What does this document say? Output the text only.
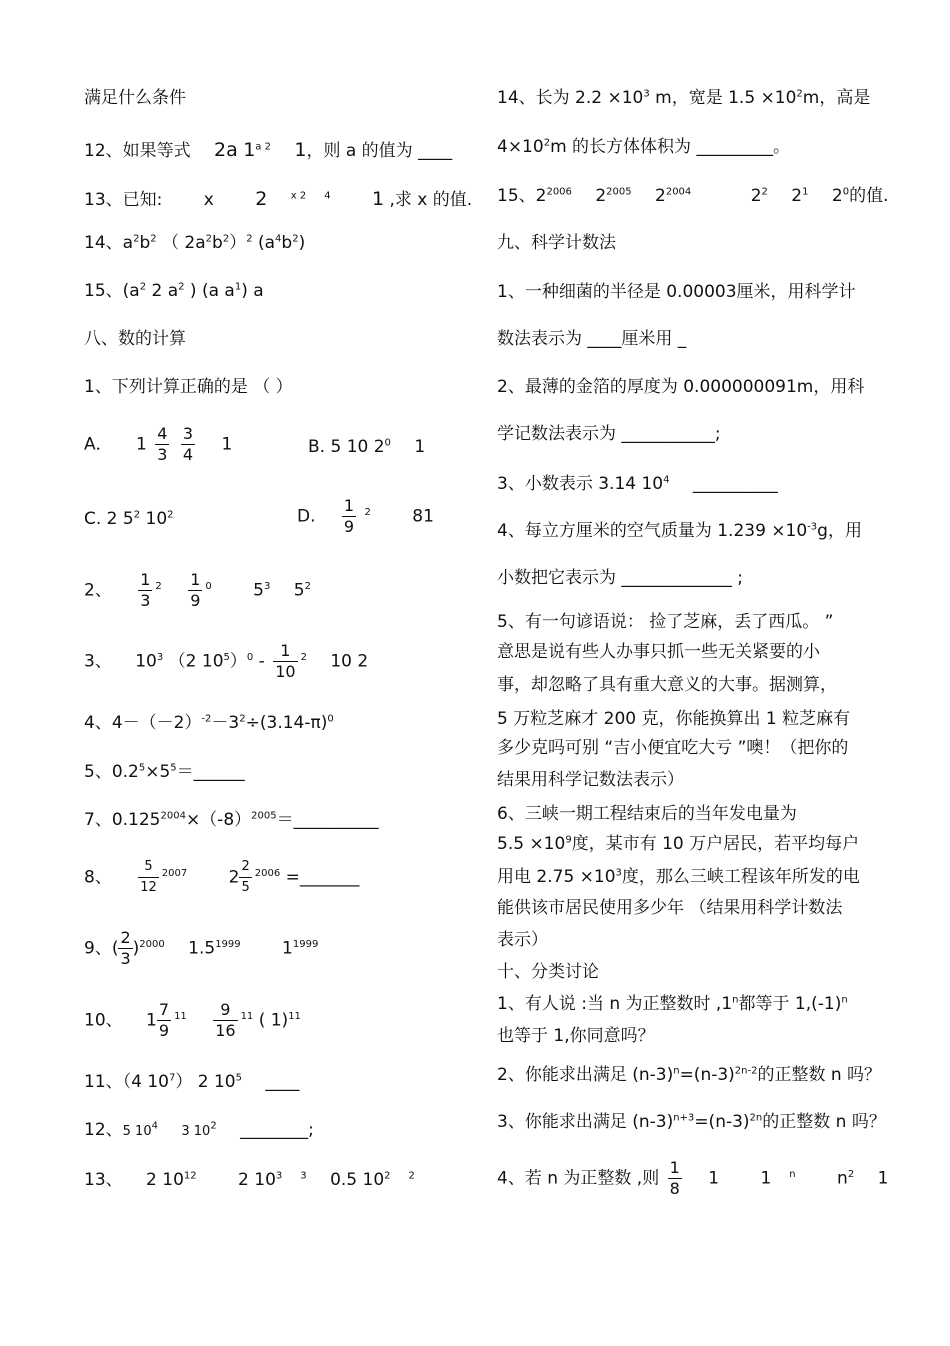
满足什么条件
12、如果等式 2a $1^{a 2}$ 1，则 a 的值为 ____
13、已知: x 2 $^{x 2}$ $^4$ 1 ,求 x 的值.
14、$a^2b^2$ （ $2a^2b^2)^2$ $(a^4b^2)$
15、($a^2$ 2 $a^2$ ) (a $a^1$) a
八、数的计算
1、下列计算正确的是 （ ）
A． $1 \frac{4}{3}$
$\frac{3}{4} 1$	B. 5 10 $2^0$ 1
C. 2 $5^2$ $10^2$	D. $\frac{1}{9} ^2$ 81
2、 $\frac{1}{3} ^2 \frac{1}{9} ^0$ $5^3$ $5^2$
3、 $10^3$ （2 $10^5)^0 - \frac{1}{10} ^2$ 10 2
4、$4-(-2)^{-2}-3^2\div(3.14-\pi)^0$
5、$0.2^5\times 5^5=\_\_\_\_\_\_$
7、$0.125^{2004}\times(-8)^{2005}=\_\_\_\_\_\_\_\_\_\_$
8、 $\frac{5}{12} ^{2007}$ $2 \frac{2}{5} ^{2006}$ =_______
9、( $\frac{2}{3} )^{2000}$ $1.5^{1999}$ $1^{1999}$
10、 $1 \frac{7}{9} ^{11} \frac{9}{16} ^{11}$ ( 1)$^{11}$
11、（4 $10^7$） 2 $10^5$ ____
12、5 $10^4$ 3 $10^2$ ________;
13、 2 $10^{12}$ 2 $10^3$ $^3$ 0.5 $10^2$ $^2$
14、长为 $2.2 \times 10^3$ m，宽是 $1.5 \times 10^2m$，高是
$4\times 10^2m$ 的长方体体积为 _________。
15、$2^{2006}$ $2^{2005}$ $2^{2004}$	$2^2$ $2^1$ $2^0$的值.
九、科学计数法
1、一种细菌的半径是 0.00003厘米，用科学计
数法表示为 ____厘米用 _
2、最薄的金箔的厚度为 0.000000091m，用科
学记数法表示为 ___________;
3、小数表示 3.14 $10^4$ __________
4、每立方厘米的空气质量为 $1.239 \times 10^{-3}g$，用
小数把它表示为 _____________ ;
5、有一句谚语说： 捡了芝麻，丢了西瓜。 ”
意思是说有些人办事只抓一些无关紧要的小
事，却忽略了具有重大意义的大事。据测算，
5 万粒芝麻才 200 克，你能换算出 1 粒芝麻有
多少克吗可别 “吉小便宜吃大亏 ”噢！（把你的
结果用科学记数法表示）
6、三峡一期工程结束后的当年发电量为
$5.5 \times 10^9$度，某市有 10 万户居民，若平均每户
用电 $2.75 \times 10^3$度，那么三峡工程该年所发的电
能供该市居民使用多少年 （结果用科学计数法
表示）
十、分类讨论
1、有人说 :当 n 为正整数时 ,1$^n$都等于 $1,(-1)^n$
也等于 1,你同意吗？
2、你能求出满足 $(n-3)^n=(n-3)^{2n-2}$的正整数 n 吗？
3、你能求出满足 $(n-3)^{n+3}=(n-3)^{2n}$的正整数 n 吗？
4、若 n 为正整数 ,则 $\frac{1}{8} 1$ 1 $^n$ $n^2$ 1
